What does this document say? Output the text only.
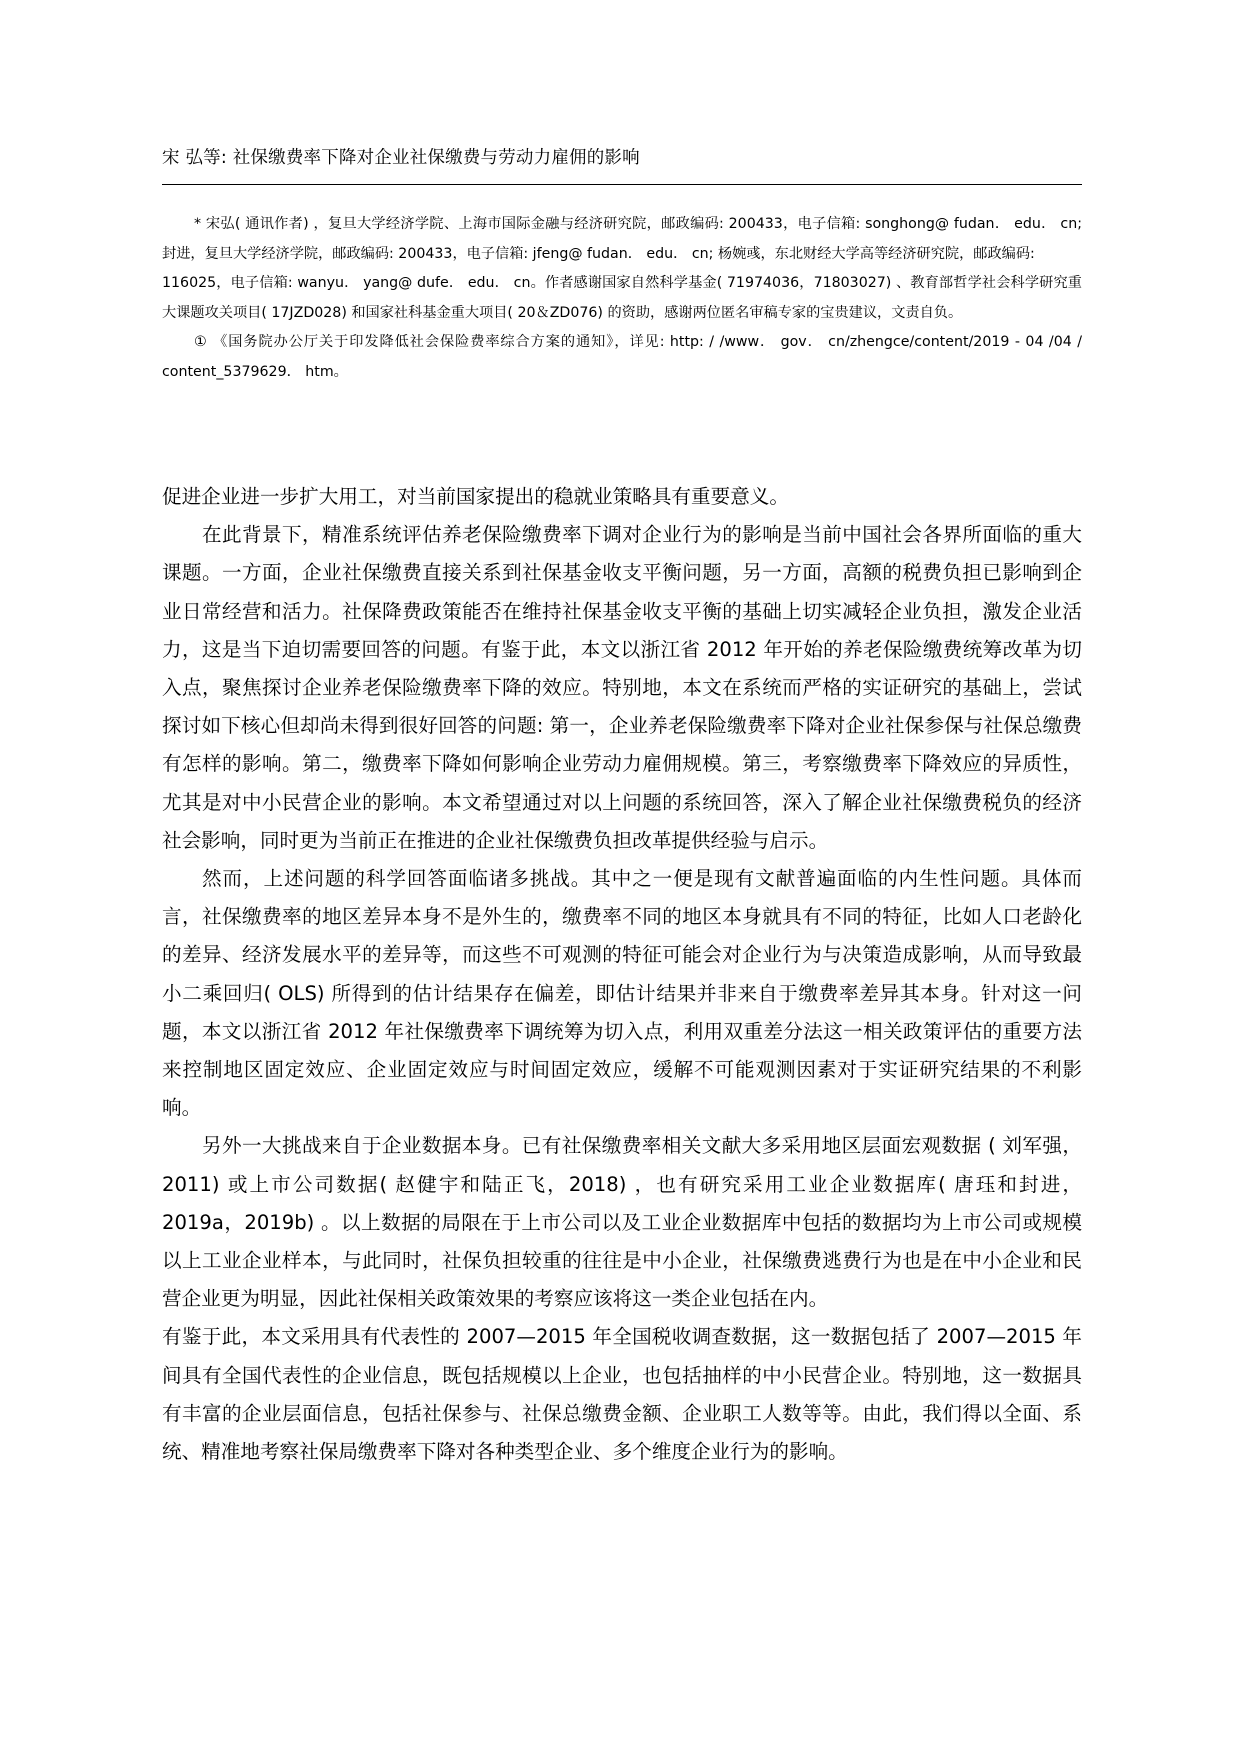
宋 弘等: 社保缴费率下降对企业社保缴费与劳动力雇佣的影响

* 宋弘( 通讯作者) ，复旦大学经济学院、上海市国际金融与经济研究院，邮政编码: 200433，电子信箱: songhong@ fudan． edu． cn; 封进，复旦大学经济学院，邮政编码: 200433，电子信箱: jfeng@ fudan． edu． cn; 杨婉彧，东北财经大学高等经济研究院，邮政编码:

116025，电子信箱: wanyu． yang@ dufe． edu． cn。作者感谢国家自然科学基金( 71974036，71803027) 、教育部哲学社会科学研究重大课题攻关项目( 17JZD028) 和国家社科基金重大项目( 20＆ZD076) 的资助，感谢两位匿名审稿专家的宝贵建议，文责自负。

① 《国务院办公厅关于印发降低社会保险费率综合方案的通知》，详见: http: / /www． gov． cn/zhengce/content/2019 - 04 /04 / content_5379629． htm。

促进企业进一步扩大用工，对当前国家提出的稳就业策略具有重要意义。

在此背景下，精准系统评估养老保险缴费率下调对企业行为的影响是当前中国社会各界所面临的重大课题。一方面，企业社保缴费直接关系到社保基金收支平衡问题，另一方面，高额的税费负担已影响到企业日常经营和活力。社保降费政策能否在维持社保基金收支平衡的基础上切实减轻企业负担，激发企业活力，这是当下迫切需要回答的问题。有鉴于此，本文以浙江省 2012 年开始的养老保险缴费统筹改革为切入点，聚焦探讨企业养老保险缴费率下降的效应。特别地，本文在系统而严格的实证研究的基础上，尝试探讨如下核心但却尚未得到很好回答的问题: 第一，企业养老保险缴费率下降对企业社保参保与社保总缴费有怎样的影响。第二，缴费率下降如何影响企业劳动力雇佣规模。第三，考察缴费率下降效应的异质性，尤其是对中小民营企业的影响。本文希望通过对以上问题的系统回答，深入了解企业社保缴费税负的经济社会影响，同时更为当前正在推进的企业社保缴费负担改革提供经验与启示。

然而，上述问题的科学回答面临诸多挑战。其中之一便是现有文献普遍面临的内生性问题。具体而言，社保缴费率的地区差异本身不是外生的，缴费率不同的地区本身就具有不同的特征，比如人口老龄化的差异、经济发展水平的差异等，而这些不可观测的特征可能会对企业行为与决策造成影响，从而导致最小二乘回归( OLS) 所得到的估计结果存在偏差，即估计结果并非来自于缴费率差异其本身。针对这一问题，本文以浙江省 2012 年社保缴费率下调统筹为切入点，利用双重差分法这一相关政策评估的重要方法来控制地区固定效应、企业固定效应与时间固定效应，缓解不可能观测因素对于实证研究结果的不利影响。

另外一大挑战来自于企业数据本身。已有社保缴费率相关文献大多采用地区层面宏观数据 ( 刘军强，2011) 或上市公司数据( 赵健宇和陆正飞，2018) ，也有研究采用工业企业数据库( 唐珏和封进，2019a，2019b) 。以上数据的局限在于上市公司以及工业企业数据库中包括的数据均为上市公司或规模以上工业企业样本，与此同时，社保负担较重的往往是中小企业，社保缴费逃费行为也是在中小企业和民营企业更为明显，因此社保相关政策效果的考察应该将这一类企业包括在内。

有鉴于此，本文采用具有代表性的 2007—2015 年全国税收调查数据，这一数据包括了 2007—2015 年间具有全国代表性的企业信息，既包括规模以上企业，也包括抽样的中小民营企业。特别地，这一数据具有丰富的企业层面信息，包括社保参与、社保总缴费金额、企业职工人数等等。由此，我们得以全面、系统、精准地考察社保局缴费率下降对各种类型企业、多个维度企业行为的影响。
